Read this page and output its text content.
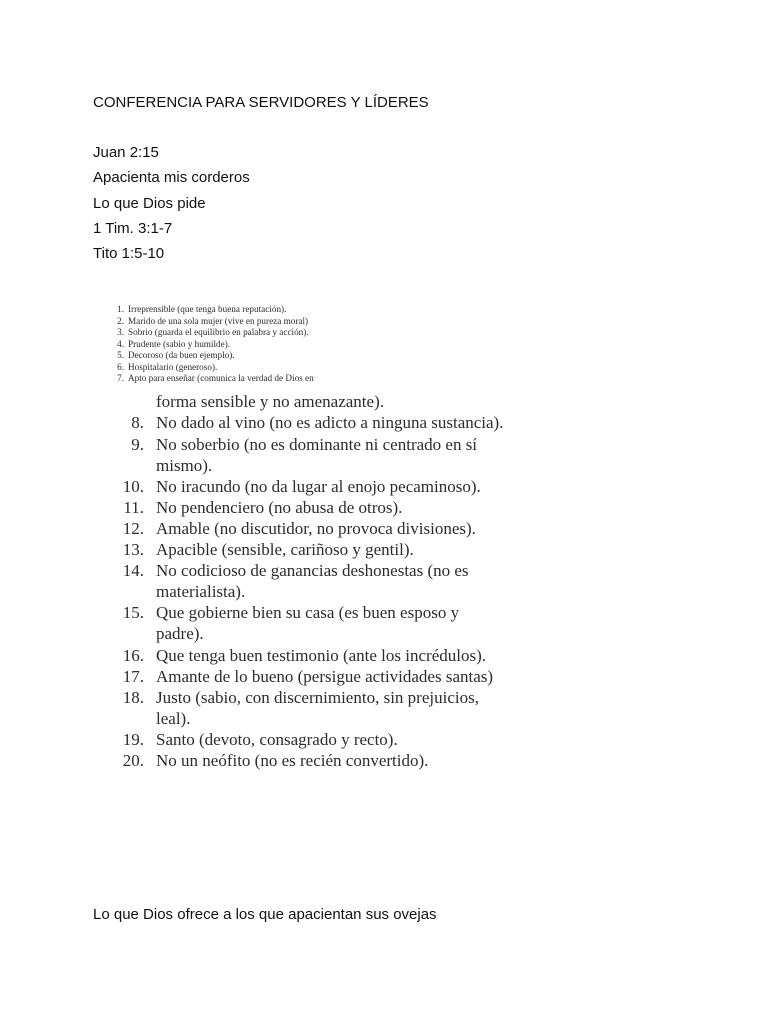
CONFERENCIA PARA SERVIDORES Y LÍDERES
Juan 2:15
Apacienta mis corderos
Lo que Dios pide
1 Tim. 3:1-7
Tito 1:5-10
1. Irreprensible (que tenga buena reputación).
2. Marido de una sola mujer (vive en pureza moral)
3. Sobrio (guarda el equilibrio en palabra y acción).
4. Prudente (sabio y humilde).
5. Decoroso (da buen ejemplo).
6. Hospitalario (generoso).
7. Apto para enseñar (comunica la verdad de Dios en
forma sensible y no amenazante).
8. No dado al vino (no es adicto a ninguna sustancia).
9. No soberbio (no es dominante ni centrado en sí
mismo).
10. No iracundo (no da lugar al enojo pecaminoso).
11. No pendenciero (no abusa de otros).
12. Amable (no discutidor, no provoca divisiones).
13. Apacible (sensible, cariñoso y gentil).
14. No codicioso de ganancias deshonestas (no es
materialista).
15. Que gobierne bien su casa (es buen esposo y
padre).
16. Que tenga buen testimonio (ante los incrédulos).
17. Amante de lo bueno (persigue actividades santas)
18. Justo (sabio, con discernimiento, sin prejuicios,
leal).
19. Santo (devoto, consagrado y recto).
20. No un neófito (no es recién convertido).
Lo que Dios ofrece a los que apacientan sus ovejas
